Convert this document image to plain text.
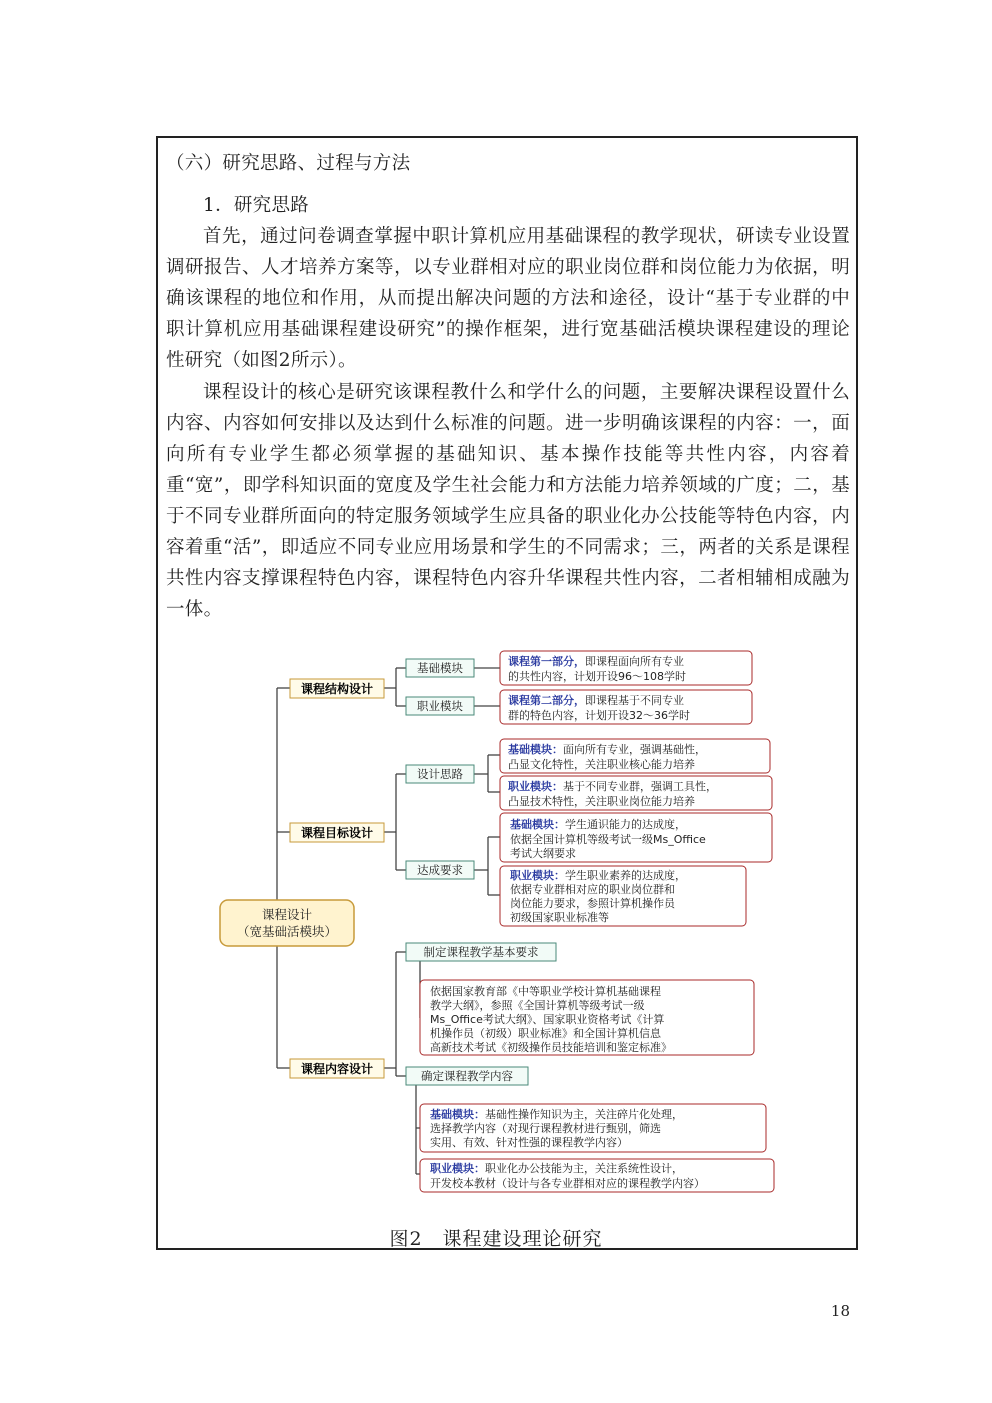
（六）研究思路、过程与方法
1．研究思路
首先，通过问卷调查掌握中职计算机应用基础课程的教学现状，研读专业设置调研报告、人才培养方案等，以专业群相对应的职业岗位群和岗位能力为依据，明确该课程的地位和作用，从而提出解决问题的方法和途径，设计“基于专业群的中职计算机应用基础课程建设研究”的操作框架，进行宽基础活模块课程建设的理论性研究（如图2所示）。
课程设计的核心是研究该课程教什么和学什么的问题，主要解决课程设置什么内容、内容如何安排以及达到什么标准的问题。进一步明确该课程的内容：一，面向所有专业学生都必须掌握的基础知识、基本操作技能等共性内容，内容着重“宽”，即学科知识面的宽度及学生社会能力和方法能力培养领域的广度；二，基于不同专业群所面向的特定服务领域学生应具备的职业化办公技能等特色内容，内容着重“活”，即适应不同专业应用场景和学生的不同需求；三，两者的关系是课程共性内容支撑课程特色内容，课程特色内容升华课程共性内容，二者相辅相成融为一体。
课程设计
（宽基础活模块）
课程结构设计
课程目标设计
课程内容设计
基础模块
职业模块
设计思路
达成要求
制定课程教学基本要求
确定课程教学内容
课程第一部分，即课程面向所有专业
的共性内容，计划开设96～108学时
课程第二部分，即课程基于不同专业
群的特色内容，计划开设32～36学时
基础模块：面向所有专业，强调基础性，
凸显文化特性，关注职业核心能力培养
职业模块：基于不同专业群，强调工具性，
凸显技术特性，关注职业岗位能力培养
基础模块：学生通识能力的达成度，
依据全国计算机等级考试一级Ms_Office
考试大纲要求
职业模块：学生职业素养的达成度，
依据专业群相对应的职业岗位群和
岗位能力要求，参照计算机操作员
初级国家职业标准等
依据国家教育部《中等职业学校计算机基础课程
教学大纲》，参照《全国计算机等级考试一级
Ms_Office考试大纲》、国家职业资格考试《计算
机操作员（初级）职业标准》和全国计算机信息
高新技术考试《初级操作员技能培训和鉴定标准》
基础模块：基础性操作知识为主，关注碎片化处理，
选择教学内容（对现行课程教材进行甄别，筛选
实用、有效、针对性强的课程教学内容）
职业模块：职业化办公技能为主，关注系统性设计，
开发校本教材（设计与各专业群相对应的课程教学内容）
图2　课程建设理论研究
18
